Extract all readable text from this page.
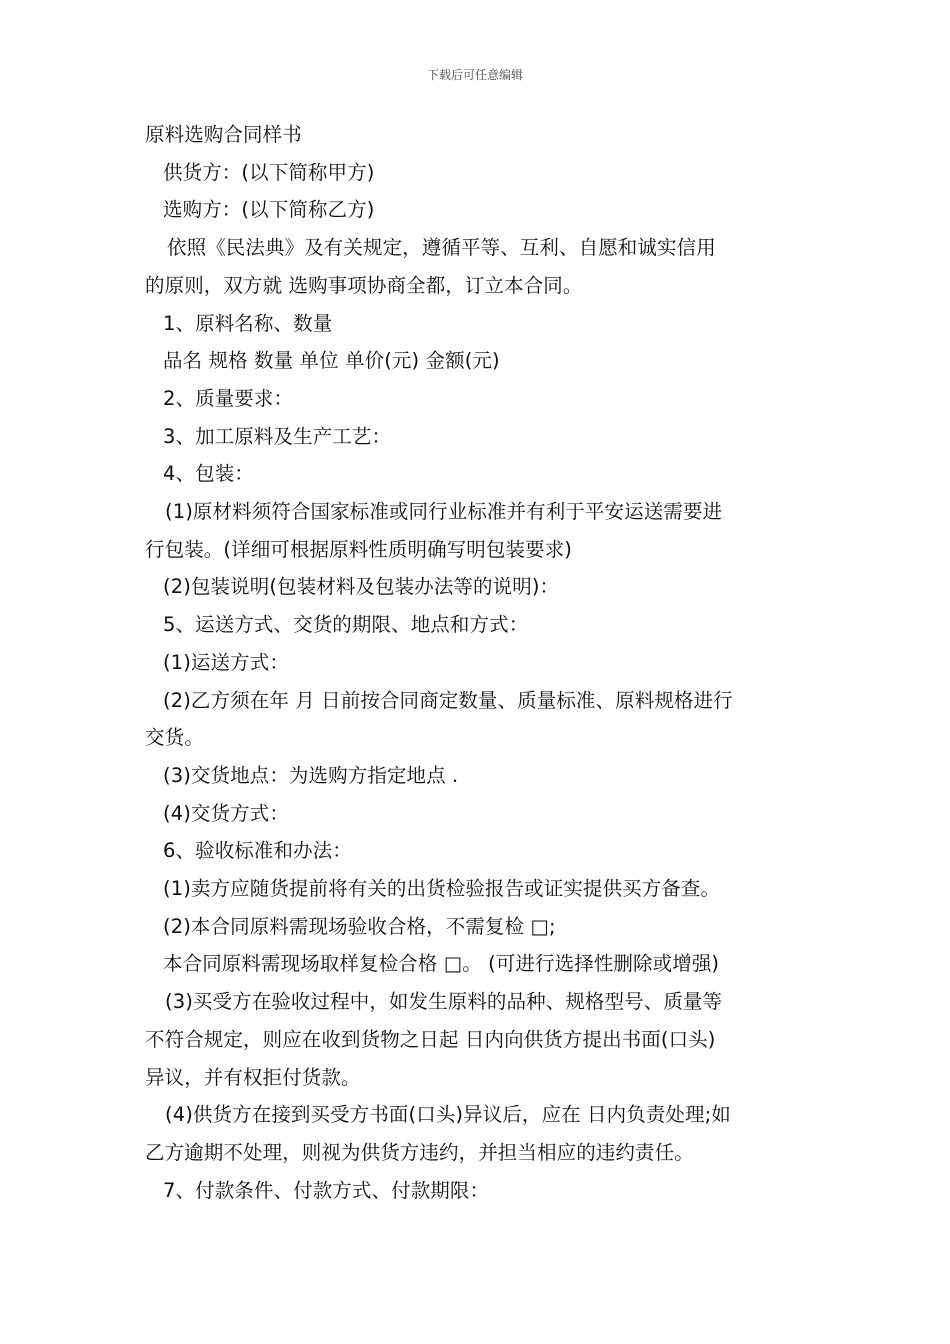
下载后可任意编辑

原料选购合同样书

供货方：(以下简称甲方)

选购方：(以下简称乙方)

依照《民法典》及有关规定，遵循平等、互利、自愿和诚实信用

的原则，双方就 选购事项协商全都，订立本合同。

1、原料名称、数量

品名 规格 数量 单位 单价(元) 金额(元)

2、质量要求：

3、加工原料及生产工艺：

4、包装：

(1)原材料须符合国家标准或同行业标准并有利于平安运送需要进

行包装。(详细可根据原料性质明确写明包装要求)

(2)包装说明(包装材料及包装办法等的说明)：

5、运送方式、交货的期限、地点和方式：

(1)运送方式：

(2)乙方须在年 月 日前按合同商定数量、质量标准、原料规格进行

交货。

(3)交货地点：为选购方指定地点 .

(4)交货方式：

6、验收标准和办法：

(1)卖方应随货提前将有关的出货检验报告或证实提供买方备查。

(2)本合同原料需现场验收合格，不需复检 □;

本合同原料需现场取样复检合格 □。 (可进行选择性删除或增强)

(3)买受方在验收过程中，如发生原料的品种、规格型号、质量等

不符合规定，则应在收到货物之日起 日内向供货方提出书面(口头)

异议，并有权拒付货款。

(4)供货方在接到买受方书面(口头)异议后，应在 日内负责处理;如

乙方逾期不处理，则视为供货方违约，并担当相应的违约责任。

7、付款条件、付款方式、付款期限：
